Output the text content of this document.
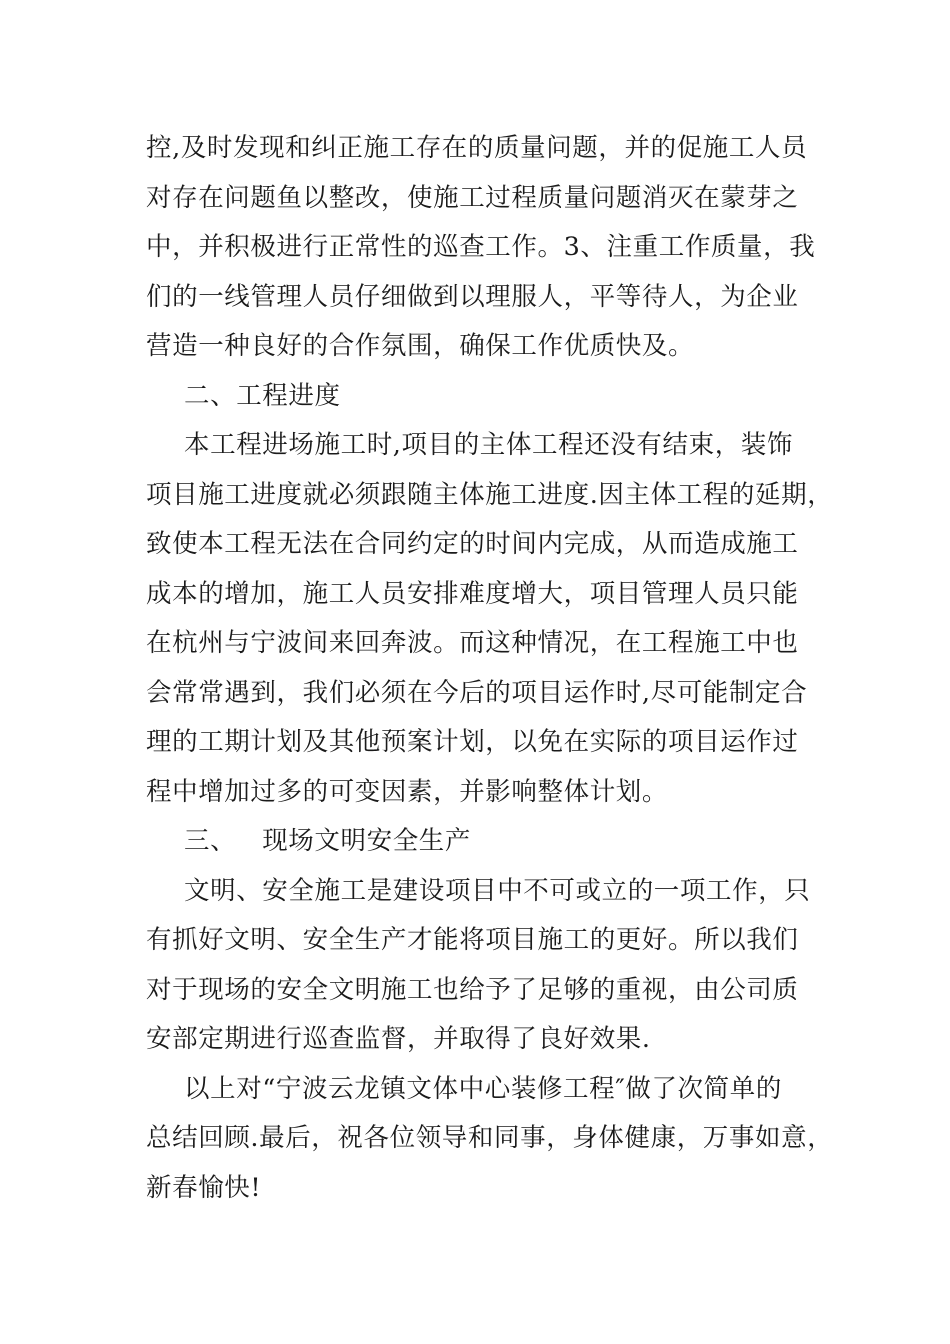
控,及时发现和纠正施工存在的质量问题，并的促施工人员
对存在问题鱼以整改，使施工过程质量问题消灭在蒙芽之
中，并积极进行正常性的巡查工作。3、注重工作质量，我
们的一线管理人员仔细做到以理服人，平等待人，为企业
营造一种良好的合作氛围，确保工作优质快及。
二、工程进度
本工程进场施工时,项目的主体工程还没有结束，装饰
项目施工进度就必须跟随主体施工进度.因主体工程的延期，
致使本工程无法在合同约定的时间内完成，从而造成施工
成本的增加，施工人员安排难度增大，项目管理人员只能
在杭州与宁波间来回奔波。而这种情况，在工程施工中也
会常常遇到，我们必须在今后的项目运作时,尽可能制定合
理的工期计划及其他预案计划，以免在实际的项目运作过
程中增加过多的可变因素，并影响整体计划。
三、 现场文明安全生产
文明、安全施工是建设项目中不可或立的一项工作，只
有抓好文明、安全生产才能将项目施工的更好。所以我们
对于现场的安全文明施工也给予了足够的重视，由公司质
安部定期进行巡查监督，并取得了良好效果.
以上对“宁波云龙镇文体中心装修工程″做了次简单的
总结回顾.最后，祝各位领导和同事，身体健康，万事如意，
新春愉快!
